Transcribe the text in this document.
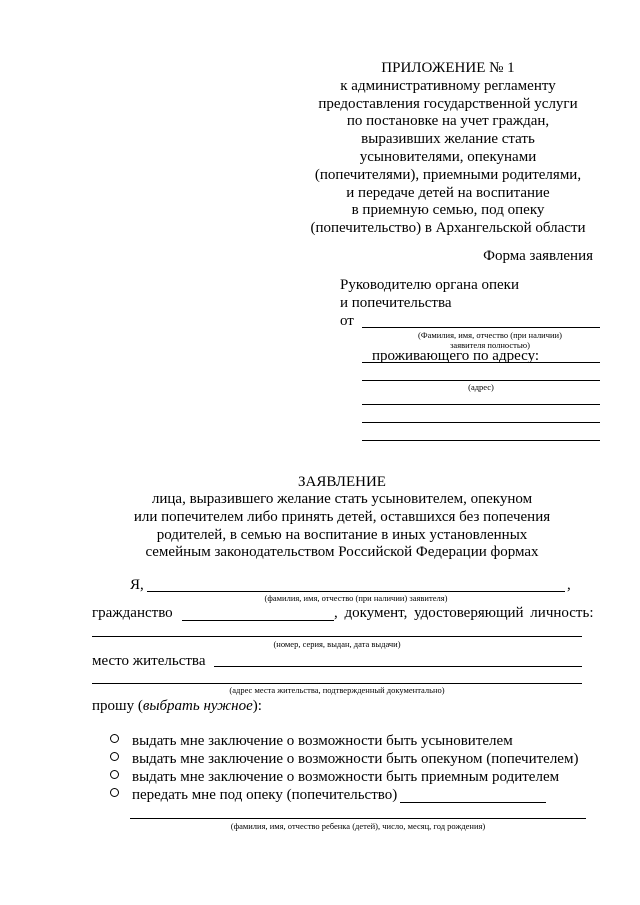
ПРИЛОЖЕНИЕ № 1
к административному регламенту
предоставления государственной услуги
по постановке на учет граждан,
выразивших желание стать
усыновителями, опекунами
(попечителями), приемными родителями,
и передаче детей на воспитание
в приемную семью, под опеку
(попечительство) в Архангельской области
Форма заявления
Руководителю органа опеки
и попечительства
от
(Фамилия, имя, отчество (при наличии) заявителя полностью)
проживающего по адресу:
(адрес)
ЗАЯВЛЕНИЕ
лица, выразившего желание стать усыновителем, опекуном
или попечителем либо принять детей, оставшихся без попечения
родителей, в семью на воспитание в иных установленных
семейным законодательством Российской Федерации формах
Я,	,
(фамилия, имя, отчество (при наличии) заявителя)
гражданство	, документ, удостоверяющий личность:
(номер, серия, выдан, дата выдачи)
место жительства
(адрес места жительства, подтвержденный документально)
прошу (выбрать нужное):
выдать мне заключение о возможности быть усыновителем
выдать мне заключение о возможности быть опекуном (попечителем)
выдать мне заключение о возможности быть приемным родителем
передать мне под опеку (попечительство)
(фамилия, имя, отчество ребенка (детей), число, месяц, год рождения)
